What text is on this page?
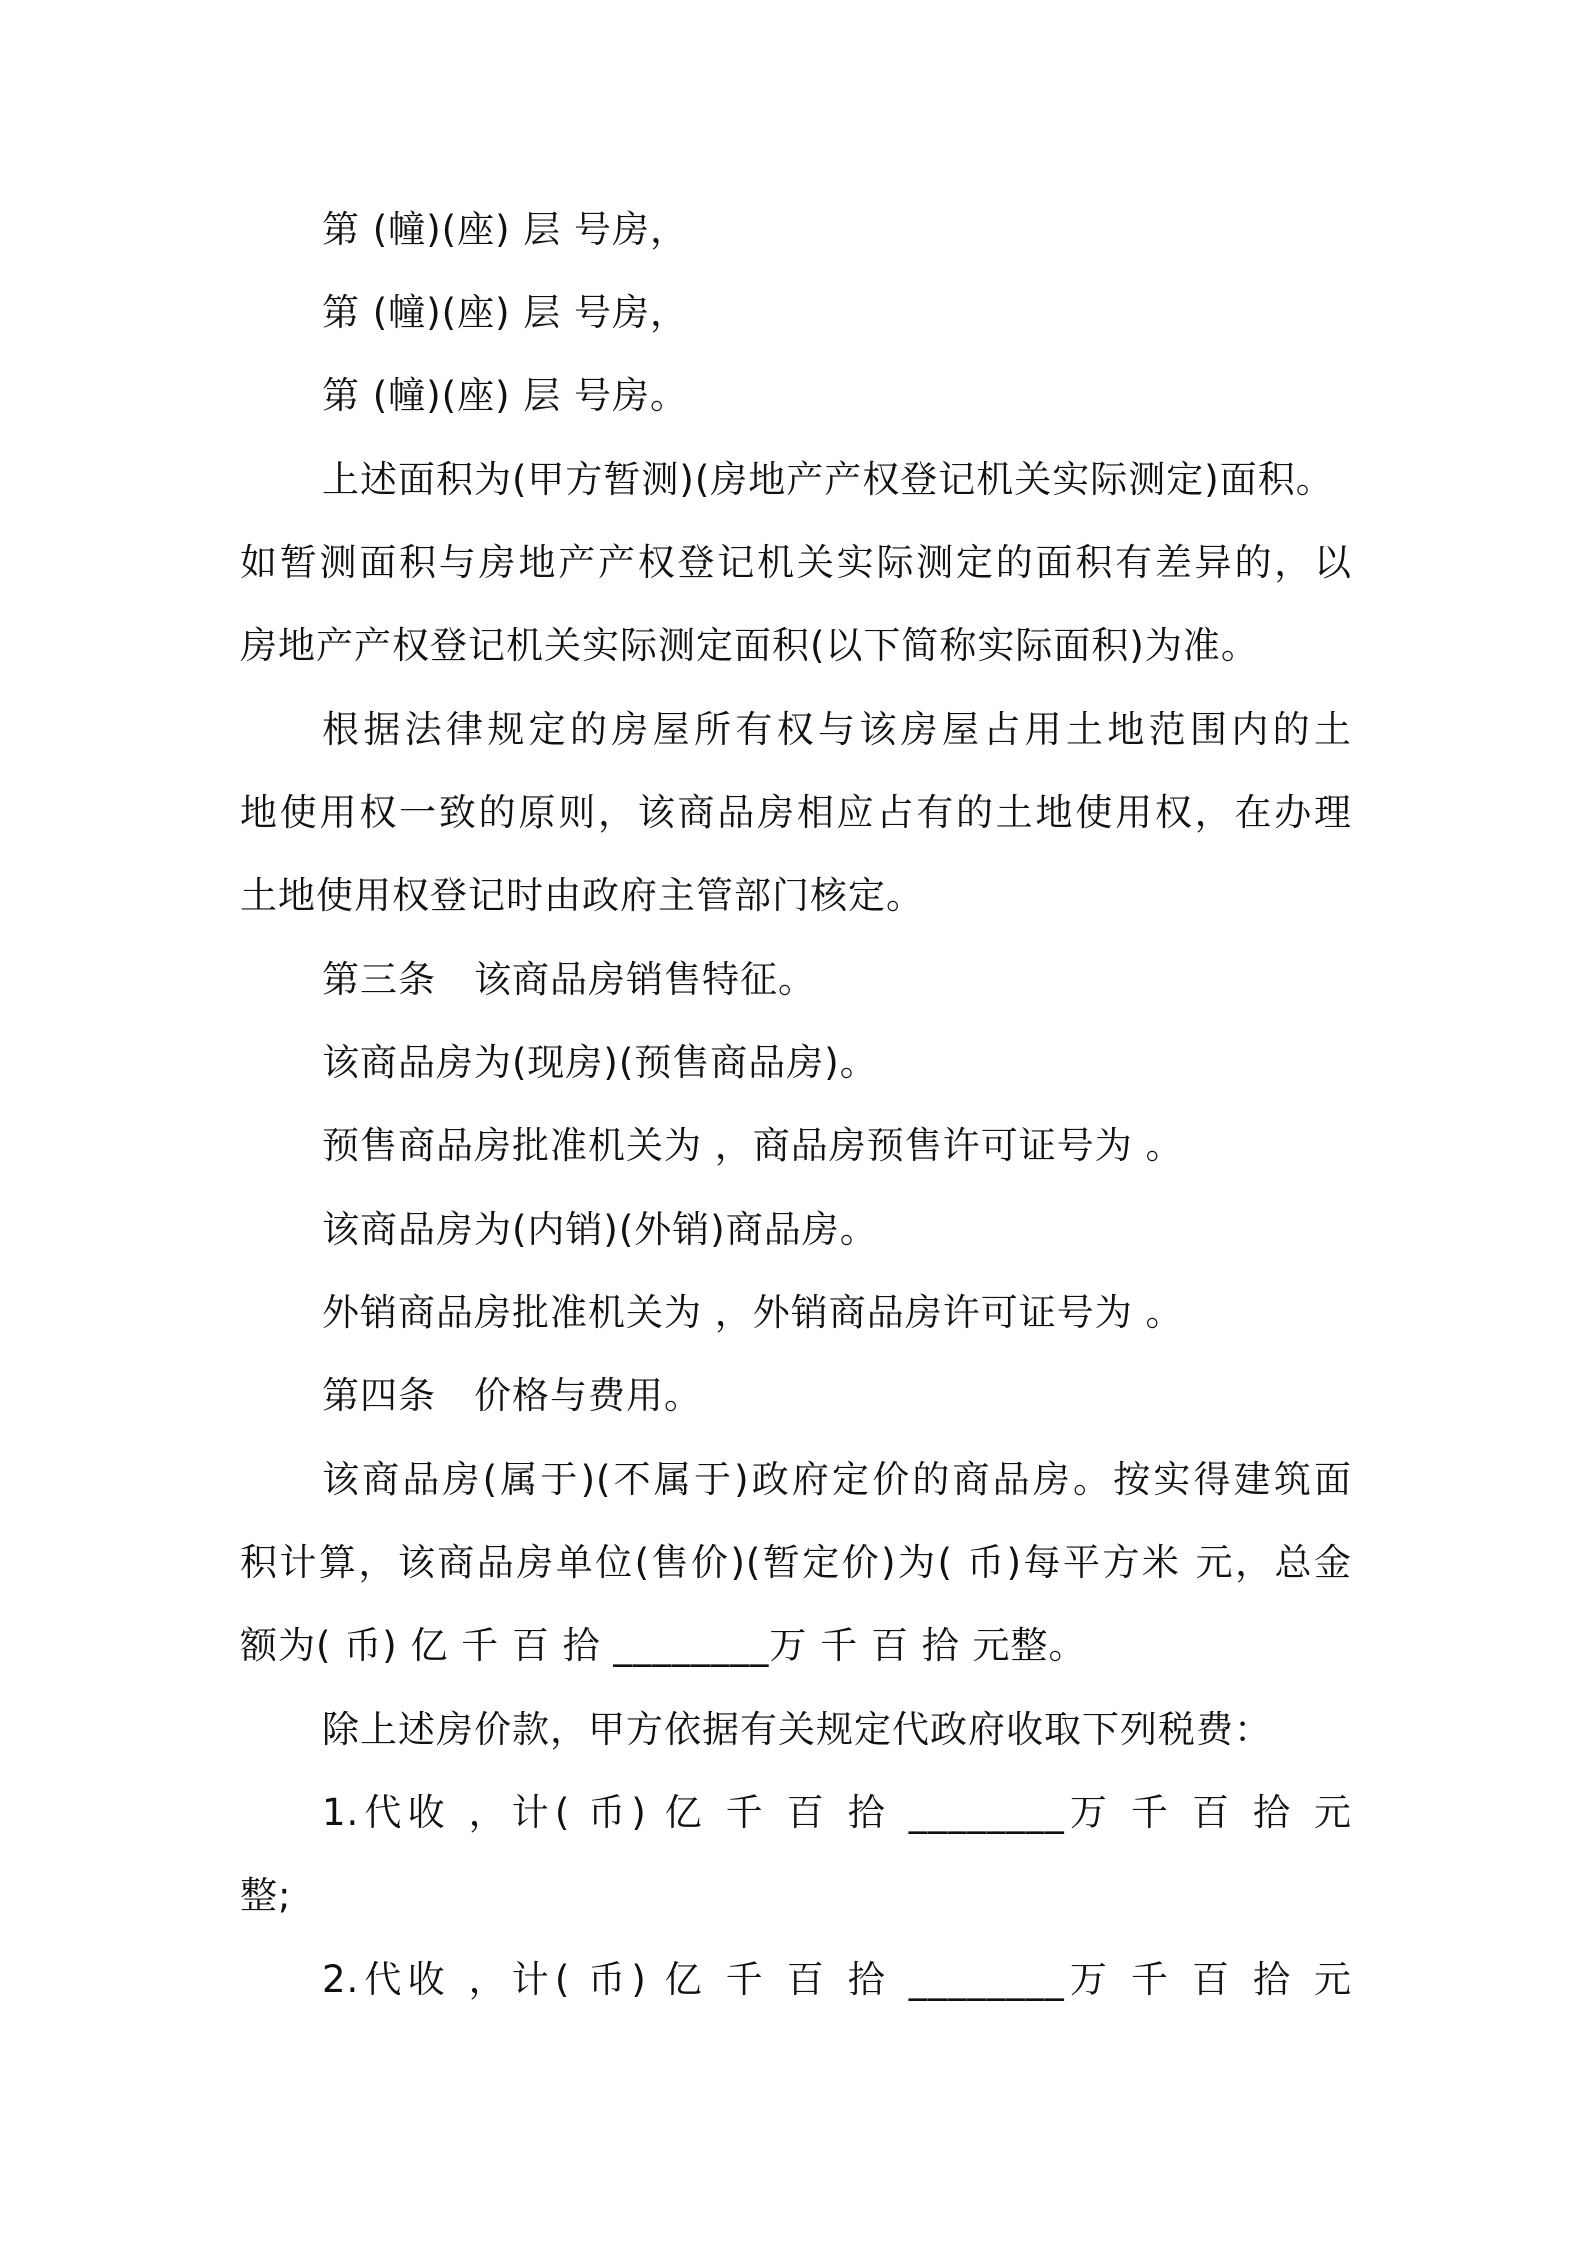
第 (幢)(座) 层 号房，
第 (幢)(座) 层 号房，
第 (幢)(座) 层 号房。
上述面积为(甲方暂测)(房地产产权登记机关实际测定)面积。
如暂测面积与房地产产权登记机关实际测定的面积有差异的，以
房地产产权登记机关实际测定面积(以下简称实际面积)为准。
根据法律规定的房屋所有权与该房屋占用土地范围内的土
地使用权一致的原则，该商品房相应占有的土地使用权，在办理
土地使用权登记时由政府主管部门核定。
第三条　该商品房销售特征。
该商品房为(现房)(预售商品房)。
预售商品房批准机关为 ，商品房预售许可证号为 。
该商品房为(内销)(外销)商品房。
外销商品房批准机关为 ，外销商品房许可证号为 。
第四条　价格与费用。
该商品房(属于)(不属于)政府定价的商品房。按实得建筑面
积计算，该商品房单位(售价)(暂定价)为( 币)每平方米 元，总金
额为( 币) 亿 千 百 拾 ________万 千 百 拾 元整。
除上述房价款，甲方依据有关规定代政府收取下列税费：
1.代收 ，计( 币) 亿 千 百 拾 ________万 千 百 拾 元
整;
2.代收 ，计( 币) 亿 千 百 拾 ________万 千 百 拾 元
